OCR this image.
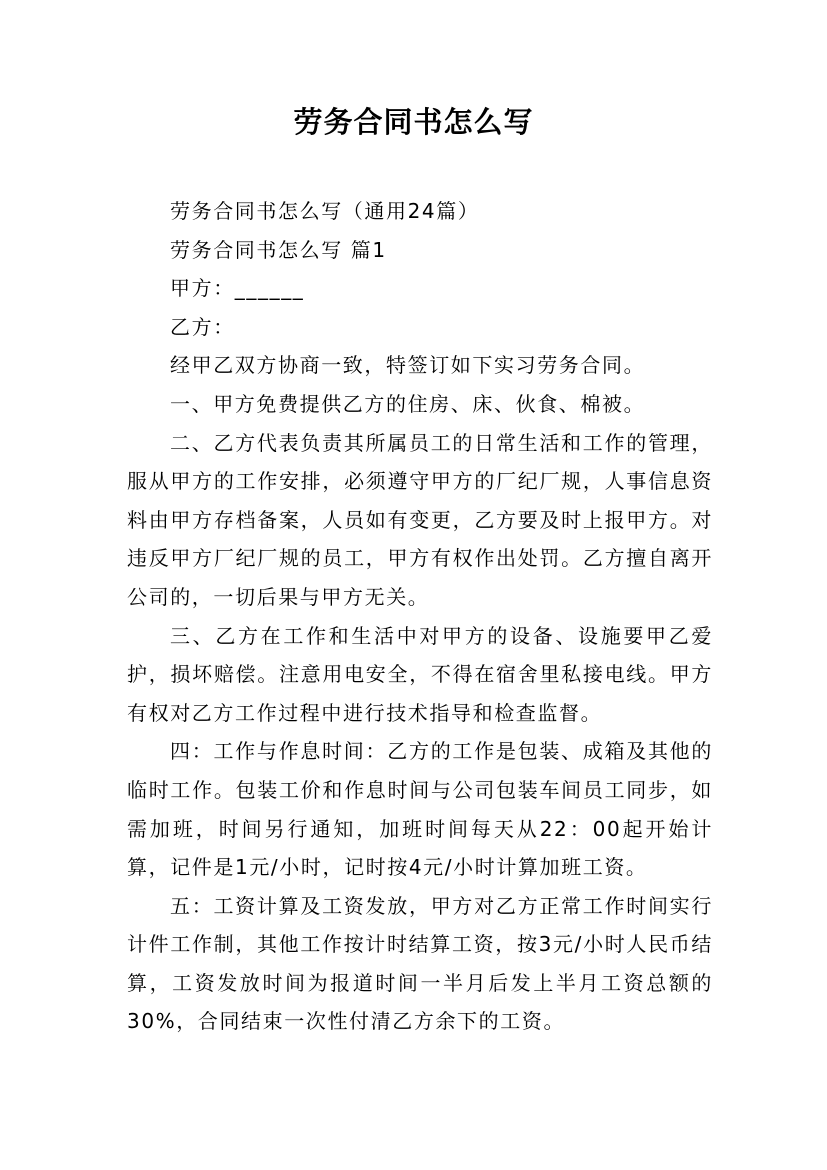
劳务合同书怎么写

劳务合同书怎么写（通用24篇）

劳务合同书怎么写 篇1

甲方：______

乙方：

经甲乙双方协商一致，特签订如下实习劳务合同。

一、甲方免费提供乙方的住房、床、伙食、棉被。

二、乙方代表负责其所属员工的日常生活和工作的管理，服从甲方的工作安排，必须遵守甲方的厂纪厂规，人事信息资料由甲方存档备案，人员如有变更，乙方要及时上报甲方。对违反甲方厂纪厂规的员工，甲方有权作出处罚。乙方擅自离开公司的，一切后果与甲方无关。

三、乙方在工作和生活中对甲方的设备、设施要甲乙爱护，损坏赔偿。注意用电安全，不得在宿舍里私接电线。甲方有权对乙方工作过程中进行技术指导和检查监督。

四：工作与作息时间：乙方的工作是包装、成箱及其他的临时工作。包装工价和作息时间与公司包装车间员工同步，如需加班，时间另行通知，加班时间每天从22：00起开始计算，记件是1元/小时，记时按4元/小时计算加班工资。

五：工资计算及工资发放，甲方对乙方正常工作时间实行计件工作制，其他工作按计时结算工资，按3元/小时人民币结算，工资发放时间为报道时间一半月后发上半月工资总额的30%，合同结束一次性付清乙方余下的工资。
